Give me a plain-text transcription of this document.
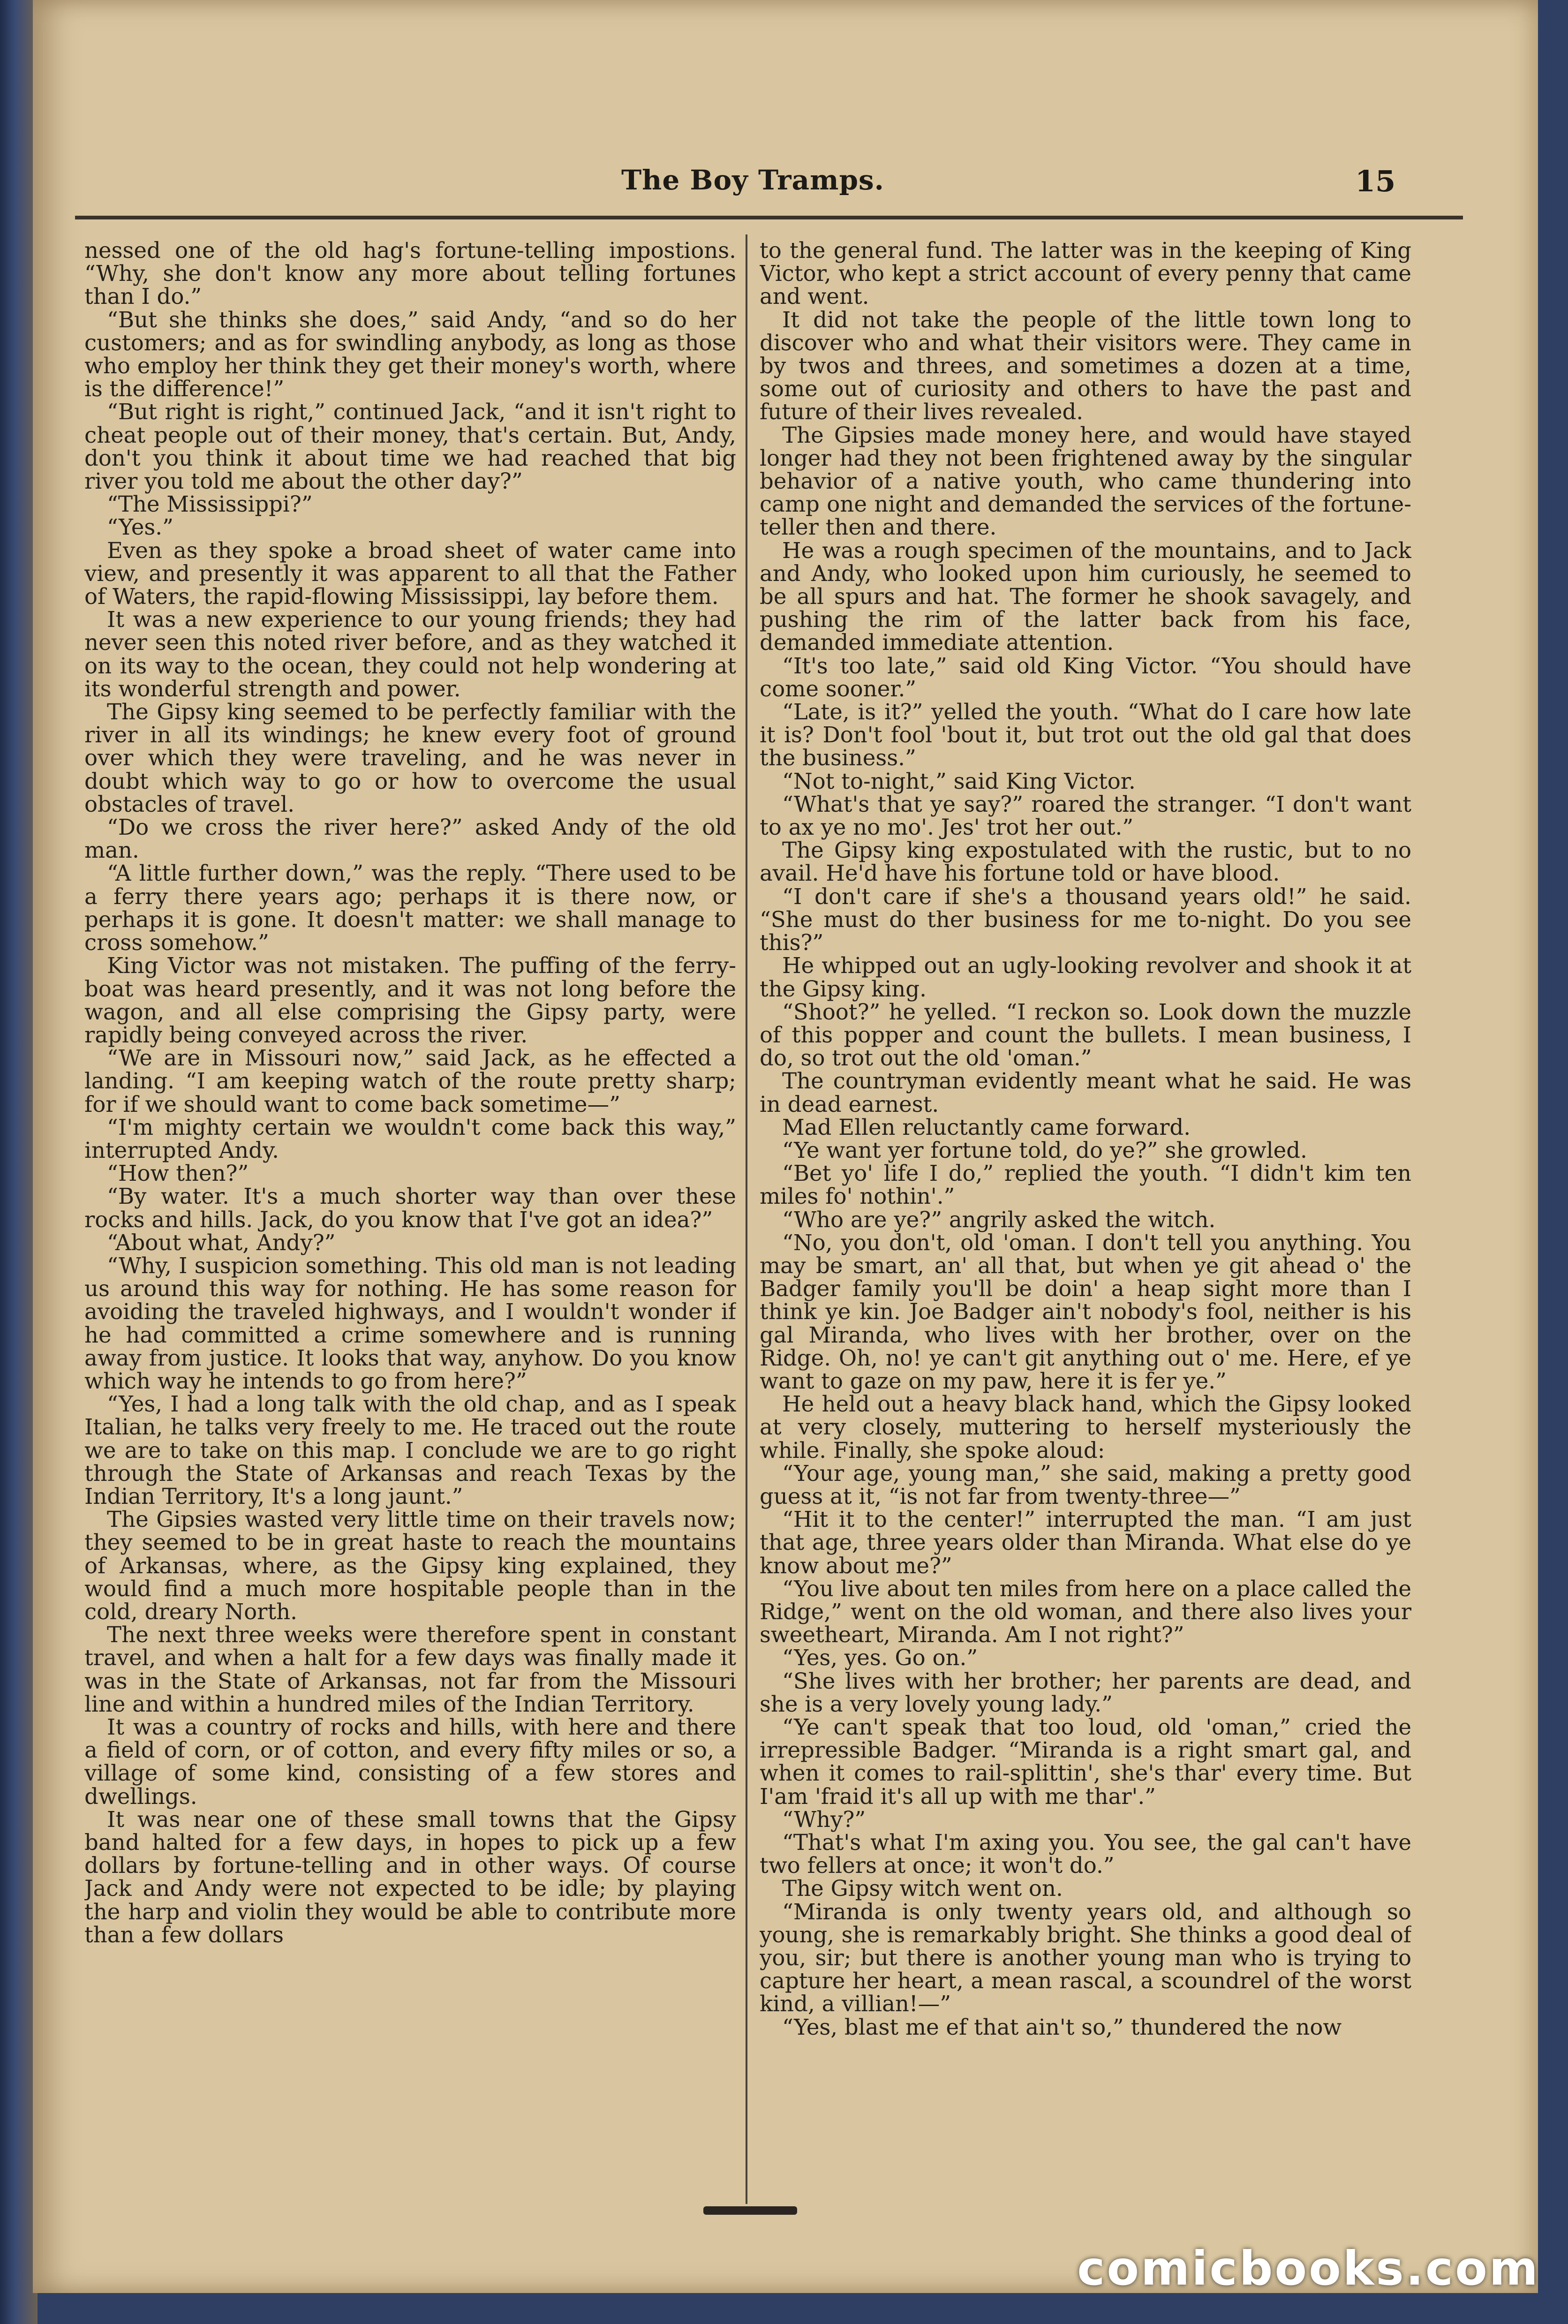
The Boy Tramps.	15

nessed one of the old hag's fortune-telling impostions. “Why, she don't know any more about telling fortunes than I do.”

“But she thinks she does,” said Andy, “and so do her customers; and as for swindling anybody, as long as those who employ her think they get their money's worth, where is the difference!”

“But right is right,” continued Jack, “and it isn't right to cheat people out of their money, that's certain. But, Andy, don't you think it about time we had reached that big river you told me about the other day?”

“The Mississippi?”

“Yes.”

Even as they spoke a broad sheet of water came into view, and presently it was apparent to all that the Father of Waters, the rapid-flowing Mississippi, lay before them.

It was a new experience to our young friends; they had never seen this noted river before, and as they watched it on its way to the ocean, they could not help wondering at its wonderful strength and power.

The Gipsy king seemed to be perfectly familiar with the river in all its windings; he knew every foot of ground over which they were traveling, and he was never in doubt which way to go or how to overcome the usual obstacles of travel.

“Do we cross the river here?” asked Andy of the old man.

“A little further down,” was the reply. “There used to be a ferry there years ago; perhaps it is there now, or perhaps it is gone. It doesn't matter: we shall manage to cross somehow.”

King Victor was not mistaken. The puffing of the ferry-boat was heard presently, and it was not long before the wagon, and all else comprising the Gipsy party, were rapidly being conveyed across the river.

“We are in Missouri now,” said Jack, as he effected a landing. “I am keeping watch of the route pretty sharp; for if we should want to come back sometime—”

“I'm mighty certain we wouldn't come back this way,” interrupted Andy.

“How then?”

“By water. It's a much shorter way than over these rocks and hills. Jack, do you know that I've got an idea?”

“About what, Andy?”

“Why, I suspicion something. This old man is not leading us around this way for nothing. He has some reason for avoiding the traveled highways, and I wouldn't wonder if he had committed a crime somewhere and is running away from justice. It looks that way, anyhow. Do you know which way he intends to go from here?”

“Yes, I had a long talk with the old chap, and as I speak Italian, he talks very freely to me. He traced out the route we are to take on this map. I conclude we are to go right through the State of Arkansas and reach Texas by the Indian Territory, It's a long jaunt.”

The Gipsies wasted very little time on their travels now; they seemed to be in great haste to reach the mountains of Arkansas, where, as the Gipsy king explained, they would find a much more hospitable people than in the cold, dreary North.

The next three weeks were therefore spent in constant travel, and when a halt for a few days was finally made it was in the State of Arkansas, not far from the Missouri line and within a hundred miles of the Indian Territory.

It was a country of rocks and hills, with here and there a field of corn, or of cotton, and every fifty miles or so, a village of some kind, consisting of a few stores and dwellings.

It was near one of these small towns that the Gipsy band halted for a few days, in hopes to pick up a few dollars by fortune-telling and in other ways. Of course Jack and Andy were not expected to be idle; by playing the harp and violin they would be able to contribute more than a few dollars

to the general fund. The latter was in the keeping of King Victor, who kept a strict account of every penny that came and went.

It did not take the people of the little town long to discover who and what their visitors were. They came in by twos and threes, and sometimes a dozen at a time, some out of curiosity and others to have the past and future of their lives revealed.

The Gipsies made money here, and would have stayed longer had they not been frightened away by the singular behavior of a native youth, who came thundering into camp one night and demanded the services of the fortune-teller then and there.

He was a rough specimen of the mountains, and to Jack and Andy, who looked upon him curiously, he seemed to be all spurs and hat. The former he shook savagely, and pushing the rim of the latter back from his face, demanded immediate attention.

“It's too late,” said old King Victor. “You should have come sooner.”

“Late, is it?” yelled the youth. “What do I care how late it is? Don't fool 'bout it, but trot out the old gal that does the business.”

“Not to-night,” said King Victor.

“What's that ye say?” roared the stranger. “I don't want to ax ye no mo'. Jes' trot her out.”

The Gipsy king expostulated with the rustic, but to no avail. He'd have his fortune told or have blood.

“I don't care if she's a thousand years old!” he said. “She must do ther business for me to-night. Do you see this?”

He whipped out an ugly-looking revolver and shook it at the Gipsy king.

“Shoot?” he yelled. “I reckon so. Look down the muzzle of this popper and count the bullets. I mean business, I do, so trot out the old 'oman.”

The countryman evidently meant what he said. He was in dead earnest.

Mad Ellen reluctantly came forward.

“Ye want yer fortune told, do ye?” she growled.

“Bet yo' life I do,” replied the youth. “I didn't kim ten miles fo' nothin'.”

“Who are ye?” angrily asked the witch.

“No, you don't, old 'oman. I don't tell you anything. You may be smart, an' all that, but when ye git ahead o' the Badger family you'll be doin' a heap sight more than I think ye kin. Joe Badger ain't nobody's fool, neither is his gal Miranda, who lives with her brother, over on the Ridge. Oh, no! ye can't git anything out o' me. Here, ef ye want to gaze on my paw, here it is fer ye.”

He held out a heavy black hand, which the Gipsy looked at very closely, muttering to herself mysteriously the while. Finally, she spoke aloud:

“Your age, young man,” she said, making a pretty good guess at it, “is not far from twenty-three—”

“Hit it to the center!” interrupted the man. “I am just that age, three years older than Miranda. What else do ye know about me?”

“You live about ten miles from here on a place called the Ridge,” went on the old woman, and there also lives your sweetheart, Miranda. Am I not right?”

“Yes, yes. Go on.”

“She lives with her brother; her parents are dead, and she is a very lovely young lady.”

“Ye can't speak that too loud, old 'oman,” cried the irrepressible Badger. “Miranda is a right smart gal, and when it comes to rail-splittin', she's thar' every time. But I'am 'fraid it's all up with me thar'.”

“Why?”

“That's what I'm axing you. You see, the gal can't have two fellers at once; it won't do.”

The Gipsy witch went on.

“Miranda is only twenty years old, and although so young, she is remarkably bright. She thinks a good deal of you, sir; but there is another young man who is trying to capture her heart, a mean rascal, a scoundrel of the worst kind, a villian!—”

“Yes, blast me ef that ain't so,” thundered the now

comicbooks.com
